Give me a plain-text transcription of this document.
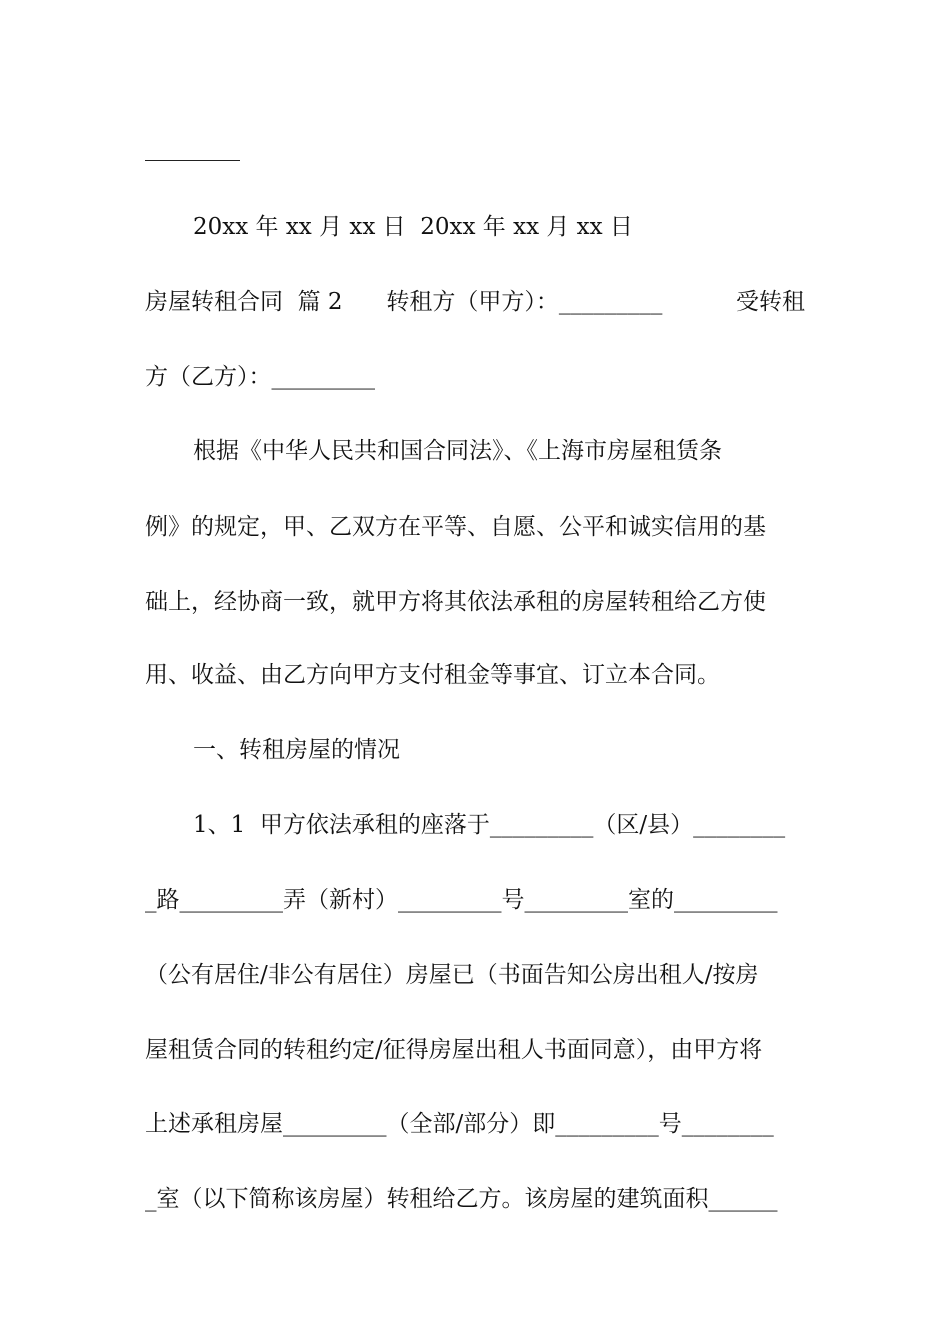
20xx 年 xx 月 xx 日  20xx 年 xx 月 xx 日
房屋转租合同  篇 2      转租方（甲方）：_________	受转租
方（乙方）：_________
根据《中华人民共和国合同法》、《上海市房屋租赁条
例》的规定，甲、乙双方在平等、自愿、公平和诚实信用的基
础上，经协商一致，就甲方将其依法承租的房屋转租给乙方使
用、收益、由乙方向甲方支付租金等事宜、订立本合同。
一、转租房屋的情况
1、1  甲方依法承租的座落于_________（区/县）________
_路_________弄（新村）_________号_________室的_________
（公有居住/非公有居住）房屋已（书面告知公房出租人/按房
屋租赁合同的转租约定/征得房屋出租人书面同意），由甲方将
上述承租房屋_________（全部/部分）即_________号________
_室（以下简称该房屋）转租给乙方。该房屋的建筑面积______
